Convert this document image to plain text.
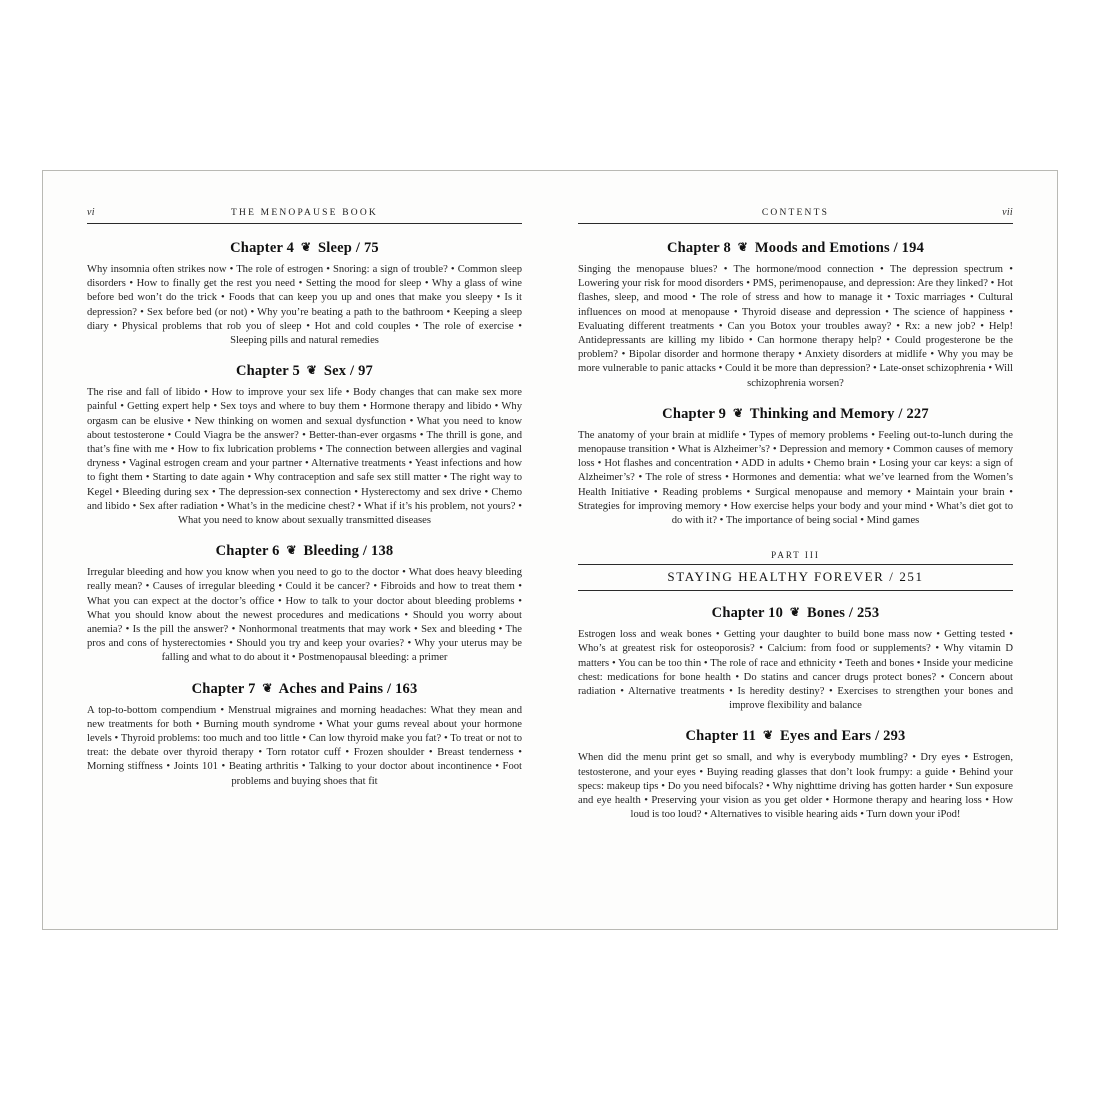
vi	THE MENOPAUSE BOOK
Chapter 4 ❦ Sleep / 75

Why insomnia often strikes now • The role of estrogen • Snoring: a sign of trouble? • Common sleep disorders • How to finally get the rest you need • Setting the mood for sleep • Why a glass of wine before bed won’t do the trick • Foods that can keep you up and ones that make you sleepy • Is it depression? • Sex before bed (or not) • Why you’re beating a path to the bathroom • Keeping a sleep diary • Physical problems that rob you of sleep • Hot and cold couples • The role of exercise • Sleeping pills and natural remedies

Chapter 5 ❦ Sex / 97

The rise and fall of libido • How to improve your sex life • Body changes that can make sex more painful • Getting expert help • Sex toys and where to buy them • Hormone therapy and libido • Why orgasm can be elusive • New thinking on women and sexual dysfunction • What you need to know about testosterone • Could Viagra be the answer? • Better-than-ever orgasms • The thrill is gone, and that’s fine with me • How to fix lubrication problems • The connection between allergies and vaginal dryness • Vaginal estrogen cream and your partner • Alternative treatments • Yeast infections and how to fight them • Starting to date again • Why contraception and safe sex still matter • The right way to Kegel • Bleeding during sex • The depression-sex connection • Hysterectomy and sex drive • Chemo and libido • Sex after radiation • What’s in the medicine chest? • What if it’s his problem, not yours? • What you need to know about sexually transmitted diseases

Chapter 6 ❦ Bleeding / 138

Irregular bleeding and how you know when you need to go to the doctor • What does heavy bleeding really mean? • Causes of irregular bleeding • Could it be cancer? • Fibroids and how to treat them • What you can expect at the doctor’s office • How to talk to your doctor about bleeding problems • What you should know about the newest procedures and medications • Should you worry about anemia? • Is the pill the answer? • Nonhormonal treatments that may work • Sex and bleeding • The pros and cons of hysterectomies • Should you try and keep your ovaries? • Why your uterus may be falling and what to do about it • Postmenopausal bleeding: a primer

Chapter 7 ❦ Aches and Pains / 163

A top-to-bottom compendium • Menstrual migraines and morning headaches: What they mean and new treatments for both • Burning mouth syndrome • What your gums reveal about your hormone levels • Thyroid problems: too much and too little • Can low thyroid make you fat? • To treat or not to treat: the debate over thyroid therapy • Torn rotator cuff • Frozen shoulder • Breast tenderness • Morning stiffness • Joints 101 • Beating arthritis • Talking to your doctor about incontinence • Foot problems and buying shoes that fit

CONTENTS	vii
Chapter 8 ❦ Moods and Emotions / 194

Singing the menopause blues? • The hormone/mood connection • The depression spectrum • Lowering your risk for mood disorders • PMS, perimenopause, and depression: Are they linked? • Hot flashes, sleep, and mood • The role of stress and how to manage it • Toxic marriages • Cultural influences on mood at menopause • Thyroid disease and depression • The science of happiness • Evaluating different treatments • Can you Botox your troubles away? • Rx: a new job? • Help! Antidepressants are killing my libido • Can hormone therapy help? • Could progesterone be the problem? • Bipolar disorder and hormone therapy • Anxiety disorders at midlife • Why you may be more vulnerable to panic attacks • Could it be more than depression? • Late-onset schizophrenia • Will schizophrenia worsen?

Chapter 9 ❦ Thinking and Memory / 227

The anatomy of your brain at midlife • Types of memory problems • Feeling out-to-lunch during the menopause transition • What is Alzheimer’s? • Depression and memory • Common causes of memory loss • Hot flashes and concentration • ADD in adults • Chemo brain • Losing your car keys: a sign of Alzheimer’s? • The role of stress • Hormones and dementia: what we’ve learned from the Women’s Health Initiative • Reading problems • Surgical menopause and memory • Maintain your brain • Strategies for improving memory • How exercise helps your body and your mind • What’s diet got to do with it? • The importance of being social • Mind games

PART III
STAYING HEALTHY FOREVER / 251
Chapter 10 ❦ Bones / 253

Estrogen loss and weak bones • Getting your daughter to build bone mass now • Getting tested • Who’s at greatest risk for osteoporosis? • Calcium: from food or supplements? • Why vitamin D matters • You can be too thin • The role of race and ethnicity • Teeth and bones • Inside your medicine chest: medications for bone health • Do statins and cancer drugs protect bones? • Concern about radiation • Alternative treatments • Is heredity destiny? • Exercises to strengthen your bones and improve flexibility and balance

Chapter 11 ❦ Eyes and Ears / 293

When did the menu print get so small, and why is everybody mumbling? • Dry eyes • Estrogen, testosterone, and your eyes • Buying reading glasses that don’t look frumpy: a guide • Behind your specs: makeup tips • Do you need bifocals? • Why nighttime driving has gotten harder • Sun exposure and eye health • Preserving your vision as you get older • Hormone therapy and hearing loss • How loud is too loud? • Alternatives to visible hearing aids • Turn down your iPod!
